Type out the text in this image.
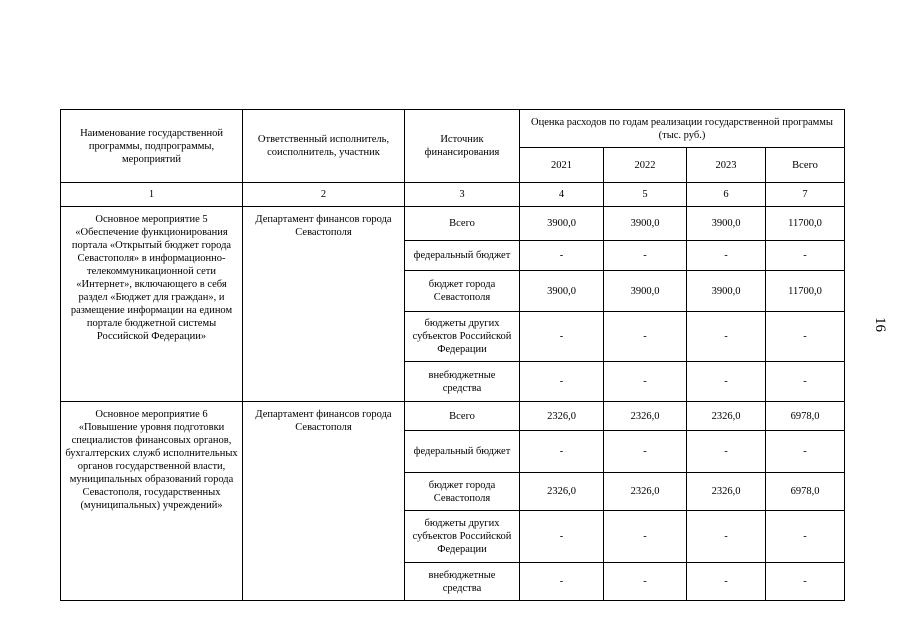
16
Наименование государственной программы, подпрограммы, мероприятий	Ответственный исполнитель, соисполнитель, участник	Источник финансирования	Оценка расходов по годам реализации государственной программы (тыс. руб.)			
			2021	2022	2023	Всего
1	2	3	4	5	6	7
Основное мероприятие 5 «Обеспечение функционирования портала «Открытый бюджет города Севастополя» в информационно-телекоммуникационной сети «Интернет», включающего в себя раздел «Бюджет для граждан», и размещение информации на едином портале бюджетной системы Российской Федерации»	Департамент финансов города Севастополя	Всего	3900,0	3900,0	3900,0	11700,0
		федеральный бюджет	-	-	-	-
		бюджет города Севастополя	3900,0	3900,0	3900,0	11700,0
		бюджеты других субъектов Российской Федерации	-	-	-	-
		внебюджетные средства	-	-	-	-
Основное мероприятие 6 «Повышение уровня подготовки специалистов финансовых органов, бухгалтерских служб исполнительных органов государственной власти, муниципальных образований города Севастополя, государственных (муниципальных) учреждений»	Департамент финансов города Севастополя	Всего	2326,0	2326,0	2326,0	6978,0
		федеральный бюджет	-	-	-	-
		бюджет города Севастополя	2326,0	2326,0	2326,0	6978,0
		бюджеты других субъектов Российской Федерации	-	-	-	-
		внебюджетные средства	-	-	-	-
